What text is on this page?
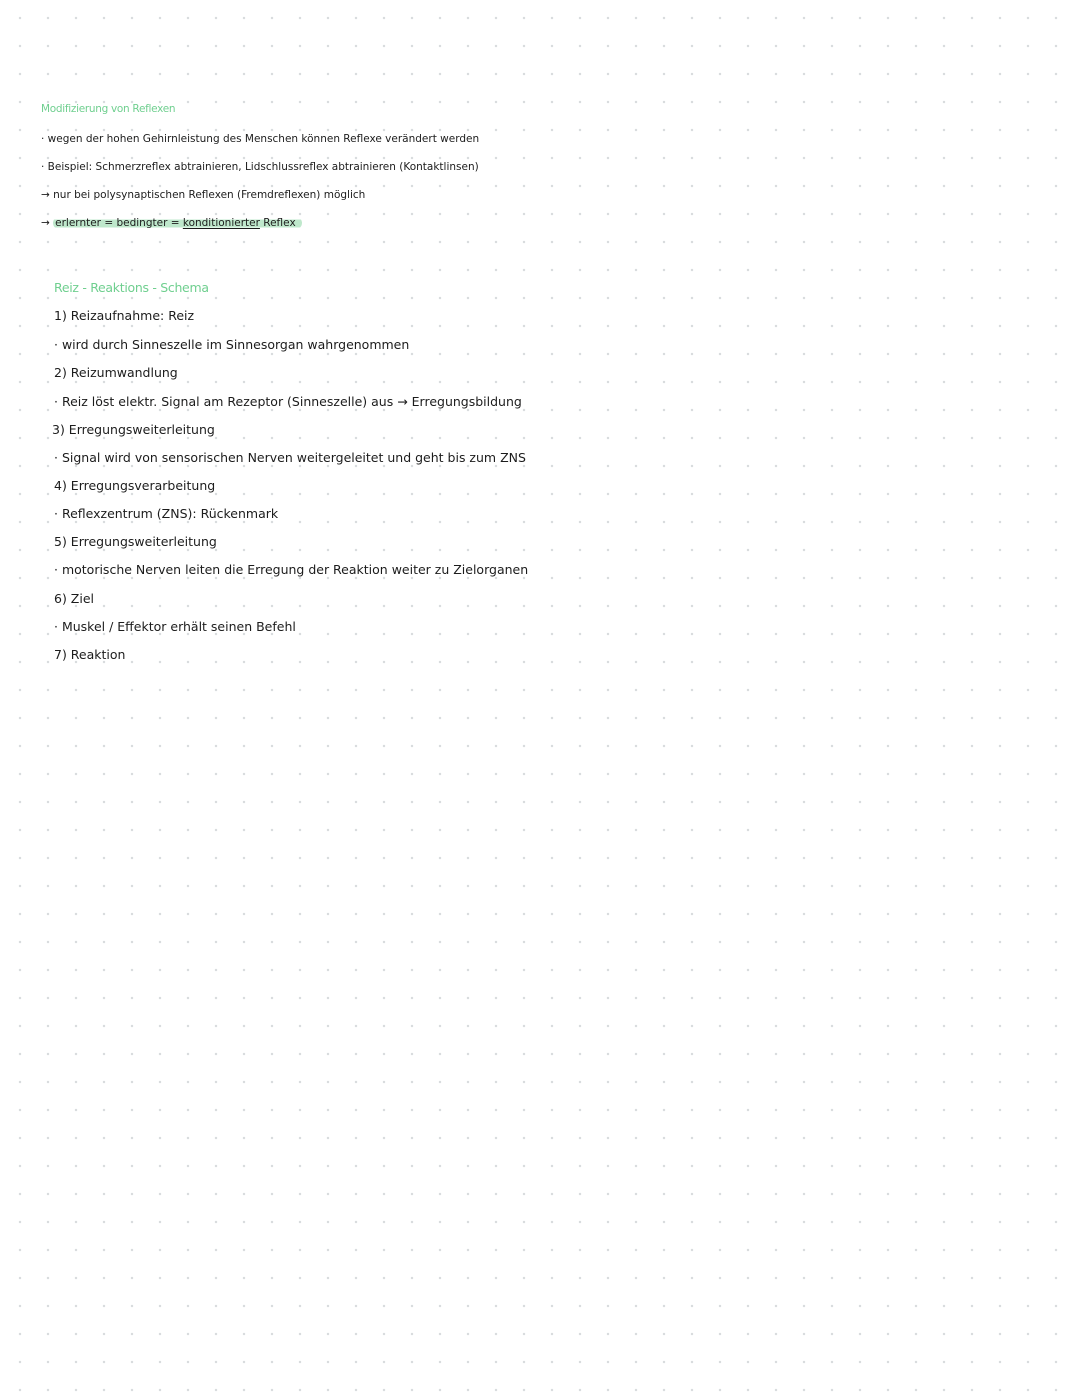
Modifizierung von Reflexen
· wegen der hohen Gehirnleistung des Menschen können Reflexe verändert werden
· Beispiel: Schmerzreflex abtrainieren, Lidschlussreflex abtrainieren (Kontaktlinsen)
→ nur bei polysynaptischen Reflexen (Fremdreflexen) möglich
→ erlernter = bedingter = konditionierter Reflex
Reiz - Reaktions - Schema
1) Reizaufnahme: Reiz
· wird durch Sinneszelle im Sinnesorgan wahrgenommen
2) Reizumwandlung
· Reiz löst elektr. Signal am Rezeptor (Sinneszelle) aus → Erregungsbildung
3) Erregungsweiterleitung
· Signal wird von sensorischen Nerven weitergeleitet und geht bis zum ZNS
4) Erregungsverarbeitung
· Reflexzentrum (ZNS): Rückenmark
5) Erregungsweiterleitung
· motorische Nerven leiten die Erregung der Reaktion weiter zu Zielorganen
6) Ziel
· Muskel / Effektor erhält seinen Befehl
7) Reaktion
